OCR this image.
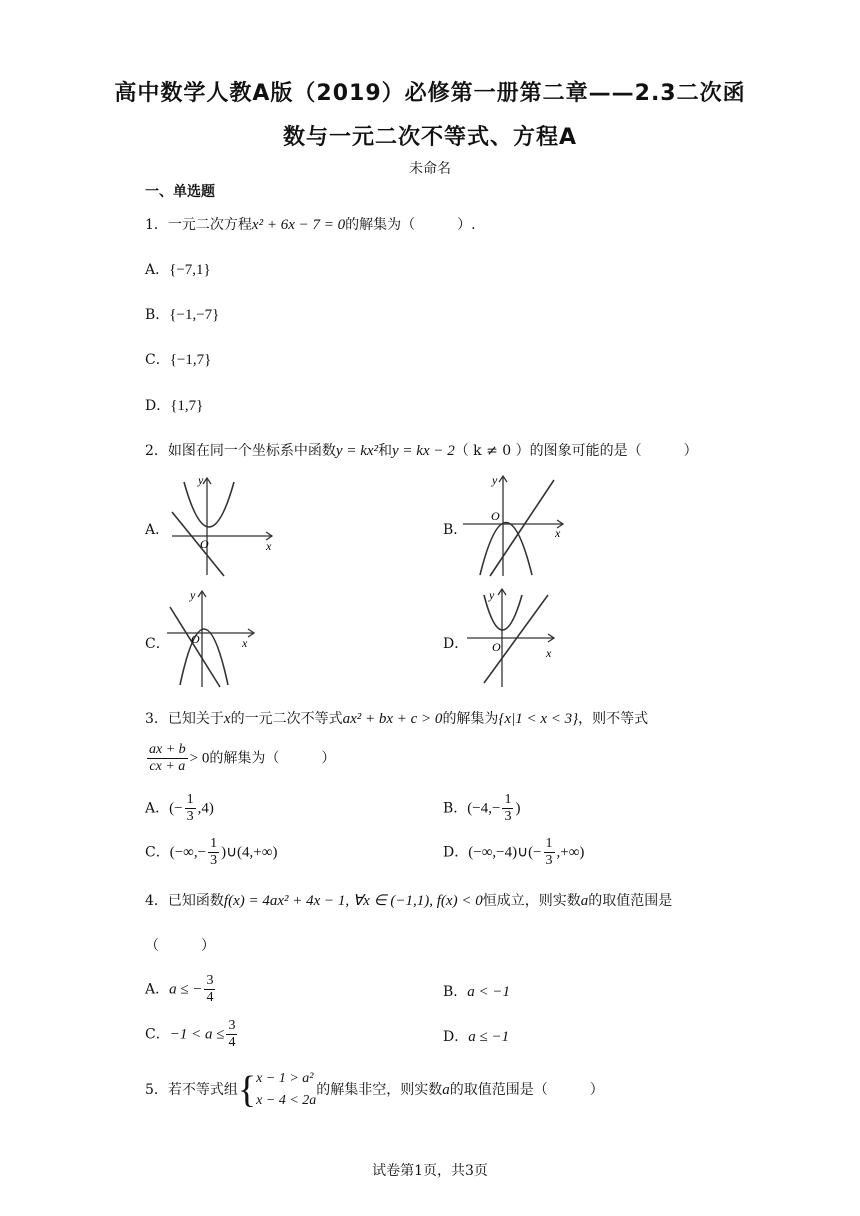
高中数学人教A版（2019）必修第一册第二章——2.3二次函
数与一元二次不等式、方程A
未命名
一、单选题
1．一元二次方程x² + 6x − 7 = 0的解集为（　　　）.
A．{−7,1}
B．{−1,−7}
C．{−1,7}
D．{1,7}
2．如图在同一个坐标系中函数y = kx²和y = kx − 2（ k ≠ 0 ）的图象可能的是（　　　）
A．	B．
C．	D．
y
x
O
y
x
O
y
x
O
y
x
O
3．已知关于x的一元二次不等式ax² + bx + c > 0的解集为{x|1 < x < 3}，则不等式
$\frac{ax + b}{cx + a} > 0$的解集为（　　　）
A．(− $\frac{1}{3} ,4$)	B．($-4,- \frac{1}{3}$ )
C．(−∞,− $\frac{1}{3}$ )∪(4,+∞)	D．(−∞,−4)∪(− $\frac{1}{3}$ ,+∞)
4．已知函数f(x) = 4ax² + 4x − 1, ∀x ∈ (−1,1), f(x) < 0恒成立，则实数a的取值范围是
（　　　）
A．a ≤ − $\frac{3}{4}$	B．a < −1
C．$-1 < a \le \frac{3}{4}$	D．a ≤ −1
5．若不等式组{ x − 1 > a²
x − 4 < 2a
的解集非空，则实数a的取值范围是（　　　）
试卷第1页，共3页
